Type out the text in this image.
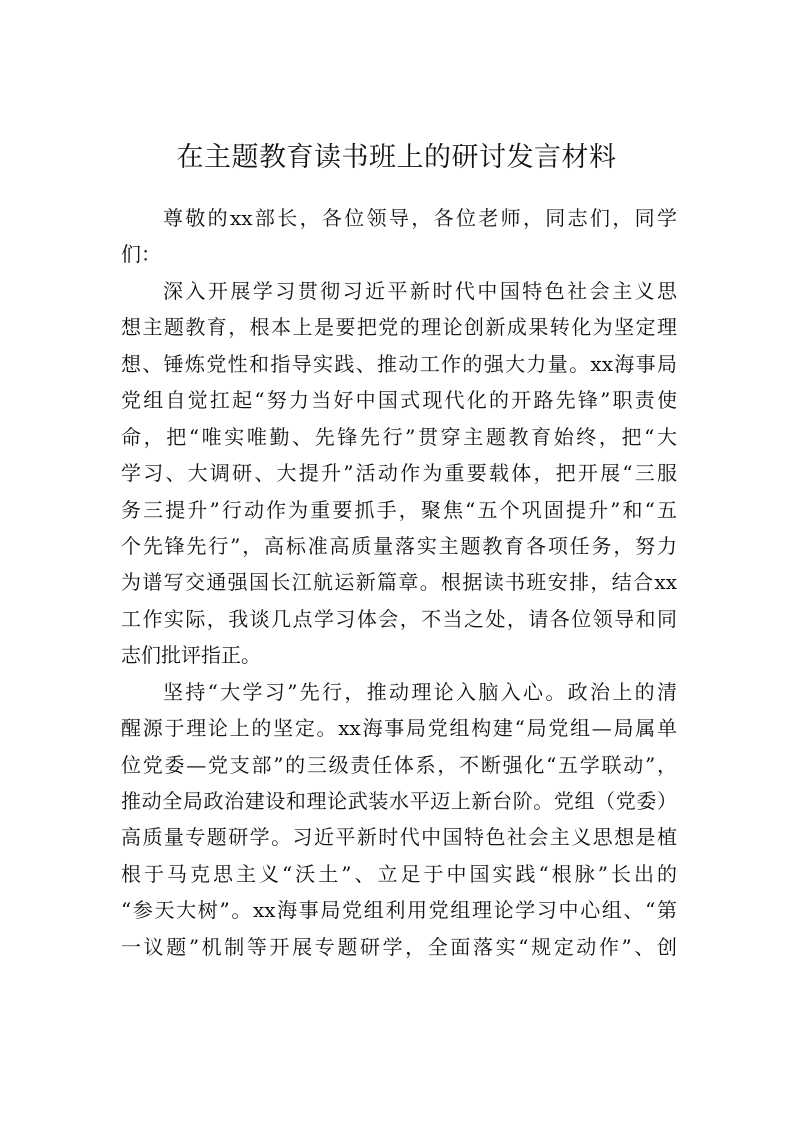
在主题教育读书班上的研讨发言材料
尊敬的xx部长，各位领导，各位老师，同志们，同学
们：
深入开展学习贯彻习近平新时代中国特色社会主义思
想主题教育，根本上是要把党的理论创新成果转化为坚定理
想、锤炼党性和指导实践、推动工作的强大力量。xx海事局
党组自觉扛起“努力当好中国式现代化的开路先锋”职责使
命，把“唯实唯勤、先锋先行”贯穿主题教育始终，把“大
学习、大调研、大提升”活动作为重要载体，把开展“三服
务三提升”行动作为重要抓手，聚焦“五个巩固提升”和“五
个先锋先行”，高标准高质量落实主题教育各项任务，努力
为谱写交通强国长江航运新篇章。根据读书班安排，结合xx
工作实际，我谈几点学习体会，不当之处，请各位领导和同
志们批评指正。
坚持“大学习”先行，推动理论入脑入心。政治上的清
醒源于理论上的坚定。xx海事局党组构建“局党组—局属单
位党委—党支部”的三级责任体系，不断强化“五学联动”，
推动全局政治建设和理论武装水平迈上新台阶。党组（党委）
高质量专题研学。习近平新时代中国特色社会主义思想是植
根于马克思主义“沃土”、立足于中国实践“根脉”长出的
“参天大树”。xx海事局党组利用党组理论学习中心组、“第
一议题”机制等开展专题研学，全面落实“规定动作”、创
